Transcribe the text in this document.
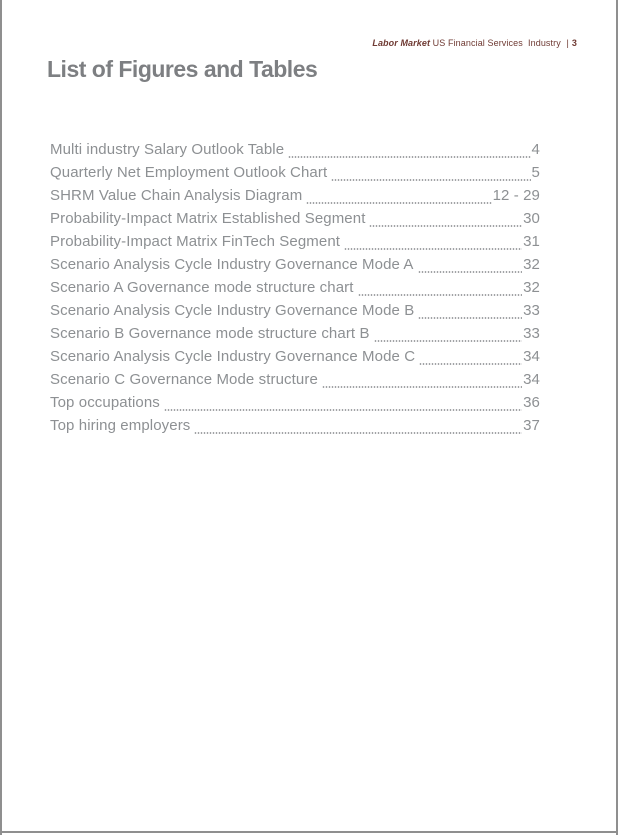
Labor Market US Financial Services  Industry | 3

List of Figures and Tables
Multi industry Salary Outlook Table	4
Quarterly Net Employment Outlook Chart	5
SHRM Value Chain Analysis Diagram	12 - 29
Probability-Impact Matrix Established Segment	30
Probability-Impact Matrix FinTech Segment	31
Scenario Analysis Cycle Industry Governance Mode A	32
Scenario A Governance mode structure chart	32
Scenario Analysis Cycle Industry Governance Mode B	33
Scenario B Governance mode structure chart B	33
Scenario Analysis Cycle Industry Governance Mode C	34
Scenario C Governance Mode structure	34
Top occupations	36
Top hiring employers	37
